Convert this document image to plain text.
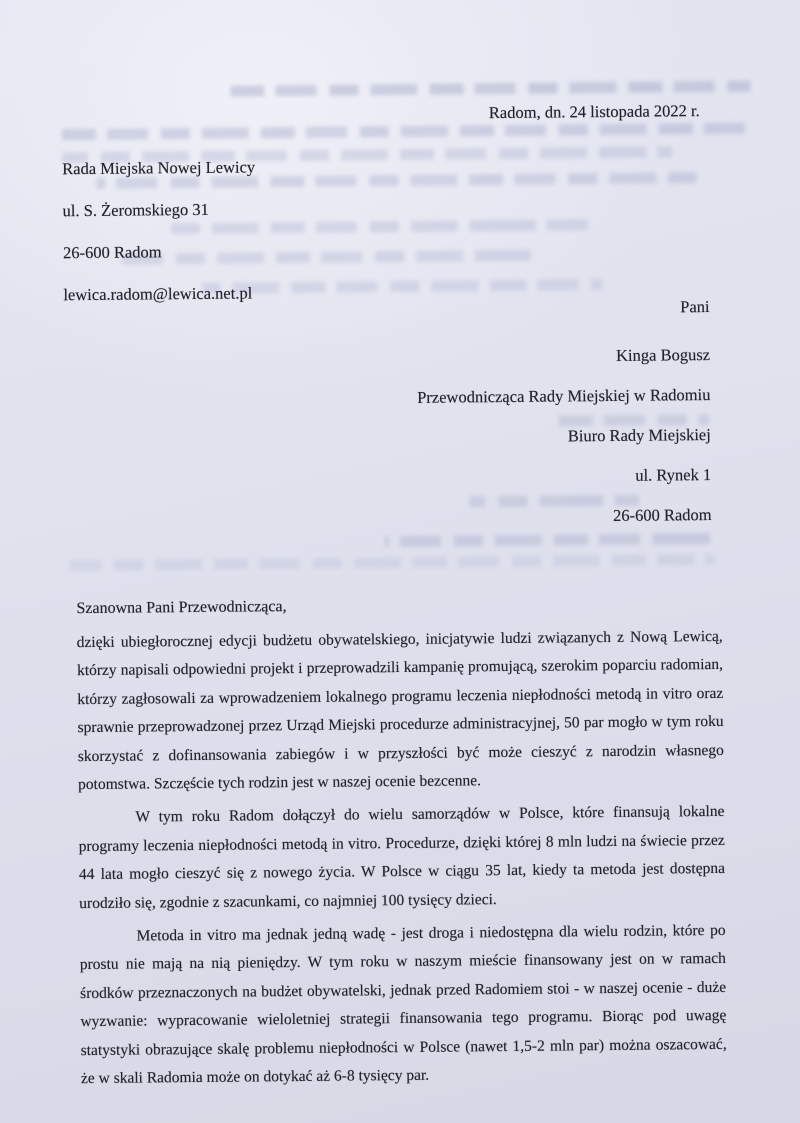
Radom, dn. 24 listopada 2022 r.
Rada Miejska Nowej Lewicy
ul. S. Żeromskiego 31
26-600 Radom
lewica.radom@lewica.net.pl
Pani
Kinga Bogusz
Przewodnicząca Rady Miejskiej w Radomiu
Biuro Rady Miejskiej
ul. Rynek 1
26-600 Radom
Szanowna Pani Przewodnicząca,

dzięki ubiegłorocznej edycji budżetu obywatelskiego, inicjatywie ludzi związanych z Nową Lewicą, którzy napisali odpowiedni projekt i przeprowadzili kampanię promującą, szerokim poparciu radomian, którzy zagłosowali za wprowadzeniem lokalnego programu leczenia niepłodności metodą in vitro oraz sprawnie przeprowadzonej przez Urząd Miejski procedurze administracyjnej, 50 par mogło w tym roku skorzystać z dofinansowania zabiegów i w przyszłości być może cieszyć z narodzin własnego potomstwa. Szczęście tych rodzin jest w naszej ocenie bezcenne.

W tym roku Radom dołączył do wielu samorządów w Polsce, które finansują lokalne programy leczenia niepłodności metodą in vitro. Procedurze, dzięki której 8 mln ludzi na świecie przez 44 lata mogło cieszyć się z nowego życia. W Polsce w ciągu 35 lat, kiedy ta metoda jest dostępna urodziło się, zgodnie z szacunkami, co najmniej 100 tysięcy dzieci.

Metoda in vitro ma jednak jedną wadę - jest droga i niedostępna dla wielu rodzin, które po prostu nie mają na nią pieniędzy. W tym roku w naszym mieście finansowany jest on w ramach środków przeznaczonych na budżet obywatelski, jednak przed Radomiem stoi - w naszej ocenie - duże wyzwanie: wypracowanie wieloletniej strategii finansowania tego programu. Biorąc pod uwagę statystyki obrazujące skalę problemu niepłodności w Polsce (nawet 1,5-2 mln par) można oszacować, że w skali Radomia może on dotykać aż 6-8 tysięcy par.
